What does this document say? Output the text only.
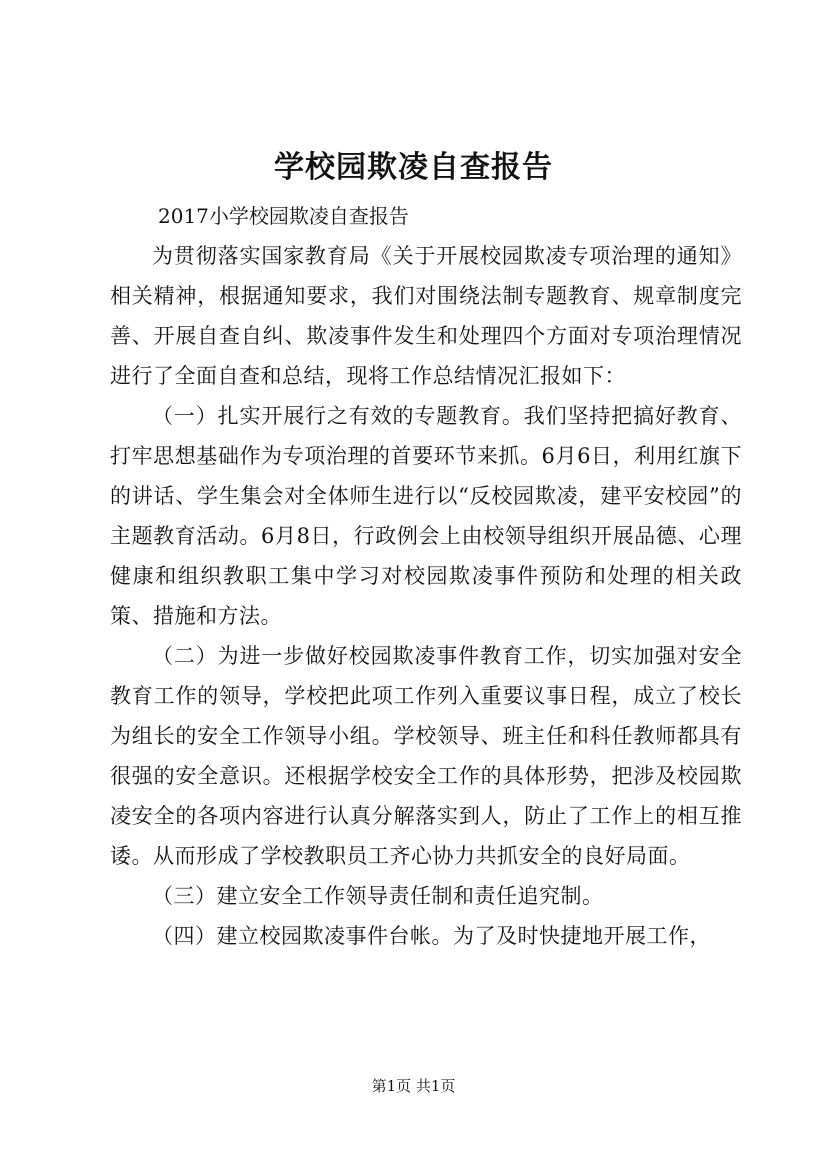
学校园欺凌自查报告
2017小学校园欺凌自查报告

为贯彻落实国家教育局《关于开展校园欺凌专项治理的通知》相关精神，根据通知要求，我们对围绕法制专题教育、规章制度完善、开展自查自纠、欺凌事件发生和处理四个方面对专项治理情况进行了全面自查和总结，现将工作总结情况汇报如下：

（一）扎实开展行之有效的专题教育。我们坚持把搞好教育、打牢思想基础作为专项治理的首要环节来抓。6月6日，利用红旗下的讲话、学生集会对全体师生进行以“反校园欺凌，建平安校园”的主题教育活动。6月8日，行政例会上由校领导组织开展品德、心理健康和组织教职工集中学习对校园欺凌事件预防和处理的相关政策、措施和方法。

（二）为进一步做好校园欺凌事件教育工作，切实加强对安全教育工作的领导，学校把此项工作列入重要议事日程，成立了校长为组长的安全工作领导小组。学校领导、班主任和科任教师都具有很强的安全意识。还根据学校安全工作的具体形势，把涉及校园欺凌安全的各项内容进行认真分解落实到人，防止了工作上的相互推诿。从而形成了学校教职员工齐心协力共抓安全的良好局面。

（三）建立安全工作领导责任制和责任追究制。

（四）建立校园欺凌事件台帐。为了及时快捷地开展工作，

第1页 共1页
